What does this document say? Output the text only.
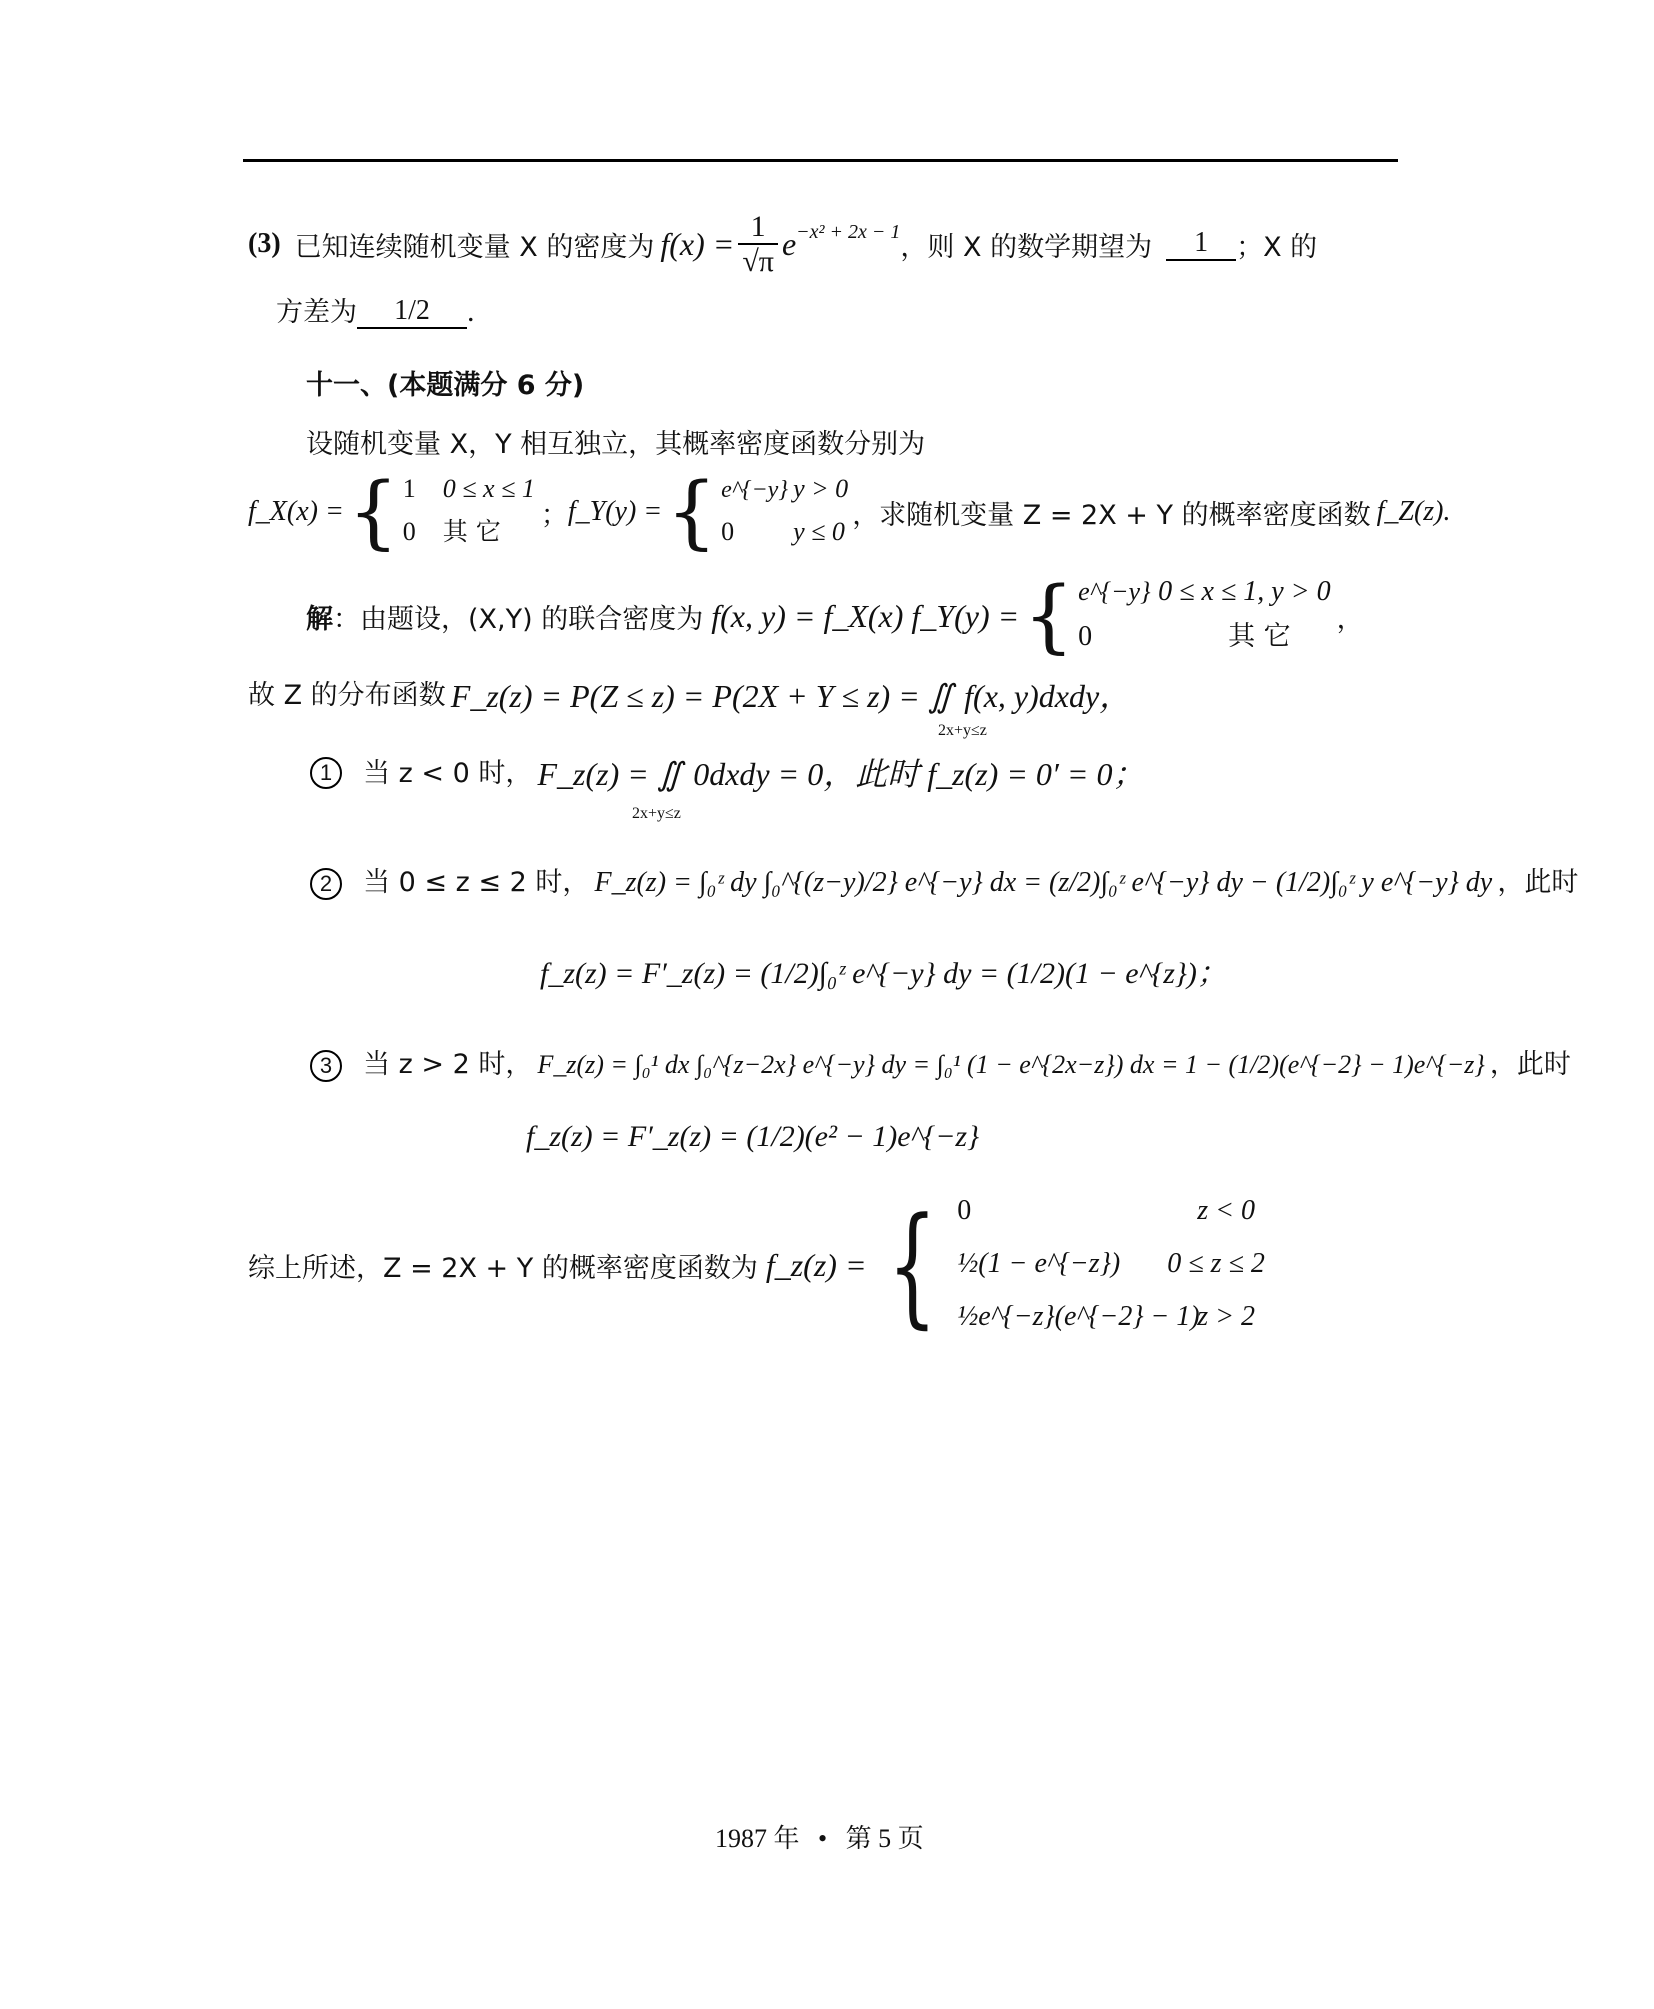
(3) 已知连续随机变量 X 的密度为 $f(x) = \frac{1}{√\pi}$ e −x² + 2x − 1 ，则 X 的数学期望为	1	；X 的
方差为	1/2	.
十一、(本题满分 6 分)
设随机变量 X，Y 相互独立，其概率密度函数分别为
f_X(x) = { 1 0 ≤ x ≤ 1
0 其 它
； f_Y(y) = { e^{−y} y > 0
0 y ≤ 0
，求随机变量 Z = 2X + Y 的概率密度函数 f_Z(z).
解 ：由题设，(X,Y) 的联合密度为 f(x, y) = f_X(x) f_Y(y) = { e^{−y} 0 ≤ x ≤ 1, y > 0
0	其 它
，
故 Z 的分布函数 F_z(z) = P(Z ≤ z) = P(2X + Y ≤ z) = ∬ f(x, y)dxdy，
2x+y≤z
1 当 z < 0 时， F_z(z) = ∬ 0dxdy = 0，此时 f_z(z) = 0′ = 0；
2x+y≤z
2 当 0 ≤ z ≤ 2 时， F_z(z) = ∫₀ᶻ dy ∫₀^{(z−y)/2} e^{−y} dx = (z/2)∫₀ᶻ e^{−y} dy − (1/2)∫₀ᶻ y e^{−y} dy ，此时
f_z(z) = F′_z(z) = (1/2)∫₀ᶻ e^{−y} dy = (1/2)(1 − e^{z})；
3 当 z > 2 时， F_z(z) = ∫₀¹ dx ∫₀^{z−2x} e^{−y} dy = ∫₀¹ (1 − e^{2x−z}) dx = 1 − (1/2)(e^{−2} − 1)e^{−z} ，此时
f_z(z) = F′_z(z) = (1/2)(e² − 1)e^{−z}
综上所述，Z = 2X + Y 的概率密度函数为 f_z(z) = { 0	z < 0
½(1 − e^{−z}) 0 ≤ z ≤ 2
½e^{−z}(e^{−2} − 1)z > 2
1987 年 • 第 5 页
